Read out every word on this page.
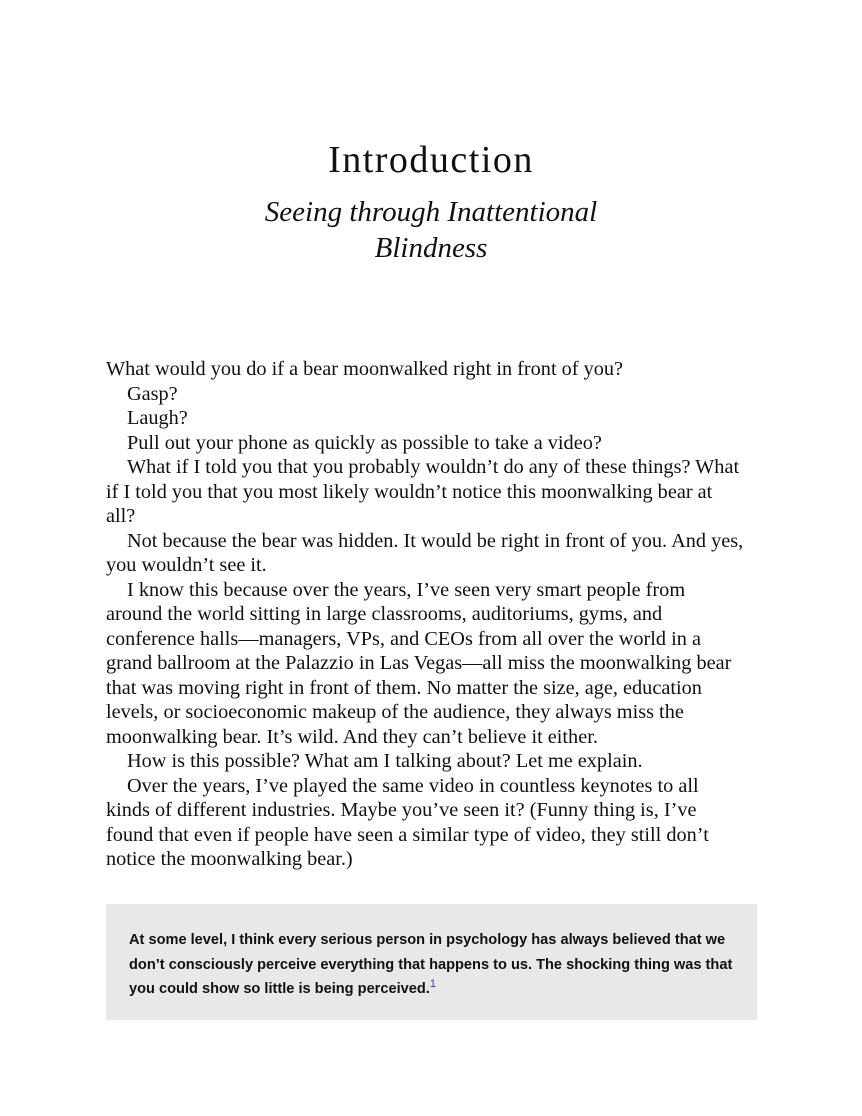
Introduction
Seeing through Inattentional Blindness

What would you do if a bear moonwalked right in front of you?

Gasp?

Laugh?

Pull out your phone as quickly as possible to take a video?

What if I told you that you probably wouldn’t do any of these things? What if I told you that you most likely wouldn’t notice this moonwalking bear at all?

Not because the bear was hidden. It would be right in front of you. And yes, you wouldn’t see it.

I know this because over the years, I’ve seen very smart people from around the world sitting in large classrooms, auditoriums, gyms, and conference halls—managers, VPs, and CEOs from all over the world in a grand ballroom at the Palazzio in Las Vegas—all miss the moonwalking bear that was moving right in front of them. No matter the size, age, education levels, or socioeconomic makeup of the audience, they always miss the moonwalking bear. It’s wild. And they can’t believe it either.

How is this possible? What am I talking about? Let me explain.

Over the years, I’ve played the same video in countless keynotes to all kinds of different industries. Maybe you’ve seen it? (Funny thing is, I’ve found that even if people have seen a similar type of video, they still don’t notice the moonwalking bear.)

At some level, I think every serious person in psychology has always believed that we don’t consciously perceive everything that happens to us. The shocking thing was that you could show so little is being perceived.$^1$
